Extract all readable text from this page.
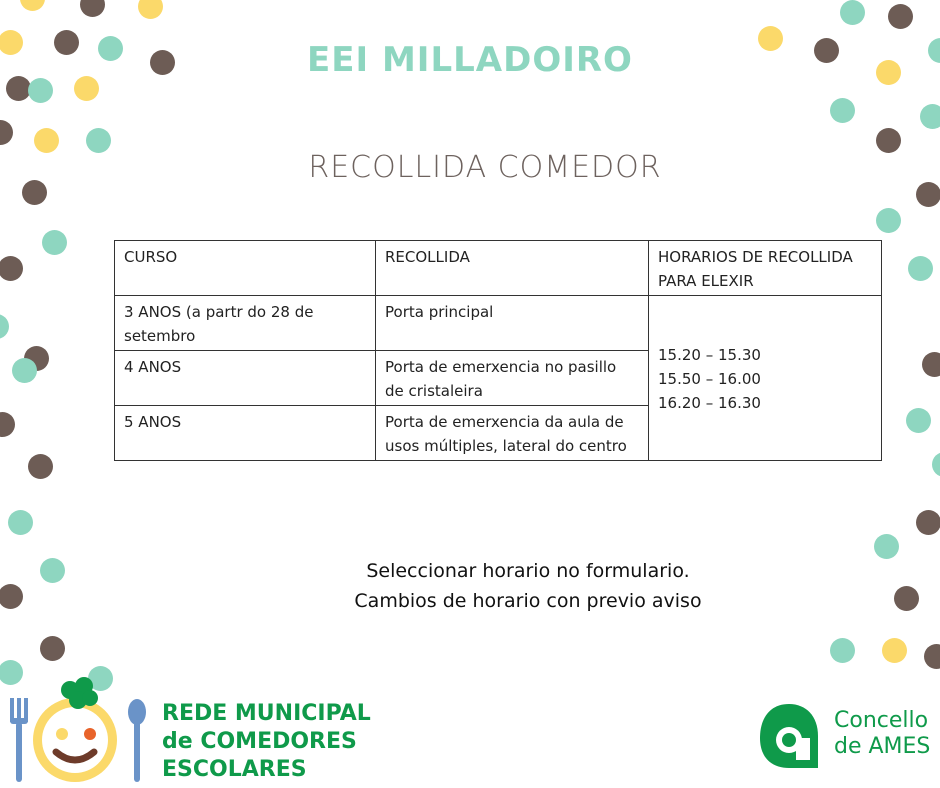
EEI MILLADOIRO
RECOLLIDA COMEDOR
CURSO	RECOLLIDA	HORARIOS DE RECOLLIDA PARA ELEXIR
3 ANOS (a partr do 28 de setembro	Porta principal	15.20 – 15.30
15.50 – 16.00
16.20 – 16.30

4 ANOS	Porta de emerxencia no pasillo de cristaleira	
5 ANOS	Porta de emerxencia da aula de usos múltiples, lateral do centro	
Seleccionar horario no formulario.
Cambios de horario con previo aviso
REDE MUNICIPAL
de COMEDORES
ESCOLARES
Concello
de AMES
